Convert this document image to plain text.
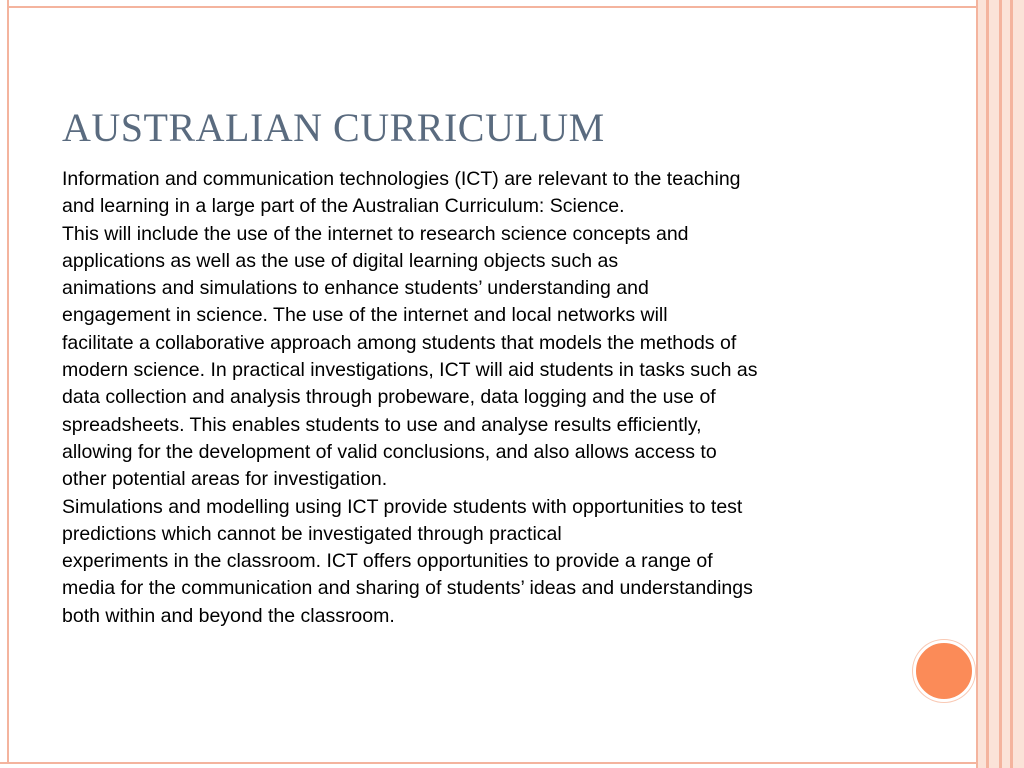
AUSTRALIAN CURRICULUM
Information and communication technologies (ICT) are relevant to the teaching
and learning in a large part of the Australian Curriculum: Science.
This will include the use of the internet to research science concepts and
applications as well as the use of digital learning objects such as
animations and simulations to enhance students’ understanding and
engagement in science. The use of the internet and local networks will
facilitate a collaborative approach among students that models the methods of
modern science. In practical investigations, ICT will aid students in tasks such as
data collection and analysis through probeware, data logging and the use of
spreadsheets. This enables students to use and analyse results efficiently,
allowing for the development of valid conclusions, and also allows access to
other potential areas for investigation.
Simulations and modelling using ICT provide students with opportunities to test
predictions which cannot be investigated through practical
experiments in the classroom. ICT offers opportunities to provide a range of
media for the communication and sharing of students’ ideas and understandings
both within and beyond the classroom.
